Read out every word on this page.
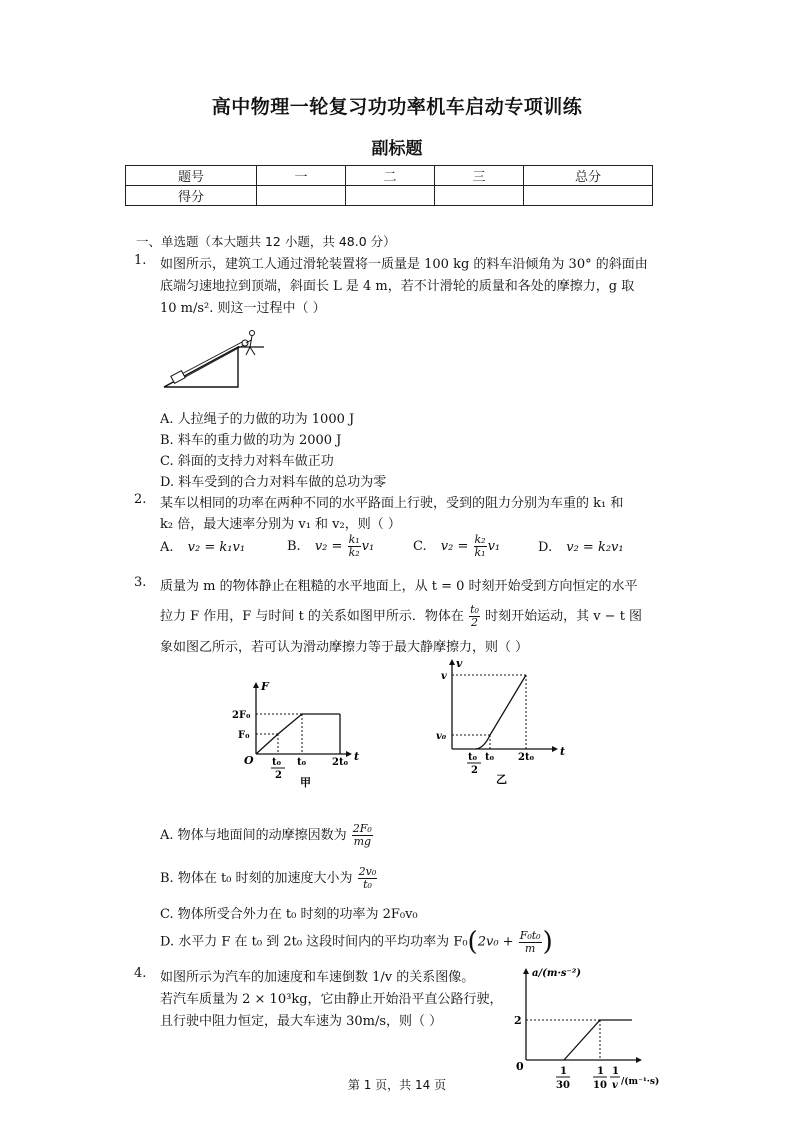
高中物理一轮复习功功率机车启动专项训练
副标题
题号	一	二	三	总分
得分				
一、单选题（本大题共 12 小题，共 48.0 分）
1. 如图所示，建筑工人通过滑轮装置将一质量是 100 kg 的料车沿倾角为 30° 的斜面由
底端匀速地拉到顶端，斜面长 L 是 4 m，若不计滑轮的质量和各处的摩擦力，g 取
10 m/s². 则这一过程中（ ）
A. 人拉绳子的力做的功为 1000 J
B. 料车的重力做的功为 2000 J
C. 斜面的支持力对料车做正功
D. 料车受到的合力对料车做的总功为零
2. 某车以相同的功率在两种不同的水平路面上行驶，受到的阻力分别为车重的 k₁ 和
k₂ 倍，最大速率分别为 v₁ 和 v₂，则（ ）
A. v₂ = k₁v₁	B. $v_2 = \frac{\text{k₁}}{\text{k₂}} v_1$	C. $v_2 = \frac{\text{k₂}}{\text{k₁}} v_1$	D. v₂ = k₂v₁
3. 质量为 m 的物体静止在粗糙的水平地面上，从 t = 0 时刻开始受到方向恒定的水平
拉力 F 作用，F 与时间 t 的关系如图甲所示．物体在 $\frac{\text{t₀}}{2}$ 时刻开始运动，其 v − t 图
象如图乙所示，若可认为滑动摩擦力等于最大静摩擦力，则（ ）
F
t
O
2F₀
F₀
t₀
2
t₀	2t₀
甲
v
t
v
v₀
t₀
2
t₀ 2t₀
乙
A. 物体与地面间的动摩擦因数为 $\frac{\text{2F₀}}{mg}$
B. 物体在 t₀ 时刻的加速度大小为 $\frac{\text{2v₀}}{\text{t₀}}$
C. 物体所受合外力在 t₀ 时刻的功率为 2F₀v₀
D. 水平力 F 在 t₀ 到 2t₀ 这段时间内的平均功率为 $F_0(2v_0 + \frac{\text{F₀t₀}}{m}$ )
4. 如图所示为汽车的加速度和车速倒数 1/v 的关系图像。
若汽车质量为 2 × 10³kg，它由静止开始沿平直公路行驶，
且行驶中阻力恒定，最大车速为 30m/s，则（ ）
a/(m·s⁻²)
2
0	1
30
1
10
1
v /(m⁻¹·s)
第 1 页，共 14 页
